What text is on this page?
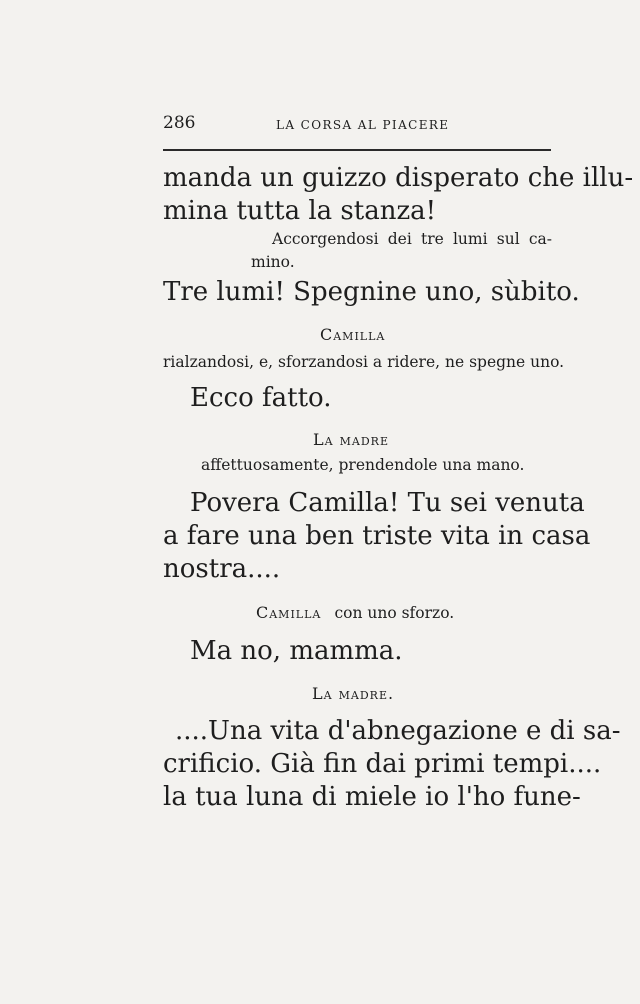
286	LA CORSA AL PIACERE
manda un guizzo disperato che illu-
mina tutta la stanza!
Accorgendosi dei tre lumi sul ca-
mino.
Tre lumi! Spegnine uno, sùbito.
Camilla
rialzandosi, e, sforzandosi a ridere, ne spegne uno.
Ecco fatto.
La madre
affettuosamente, prendendole una mano.
Povera Camilla! Tu sei venuta
a fare una ben triste vita in casa
nostra....
Camilla con uno sforzo.
Ma no, mamma.
La madre.
....Una vita d'abnegazione e di sa-
crificio. Già fin dai primi tempi....
la tua luna di miele io l'ho fune-
